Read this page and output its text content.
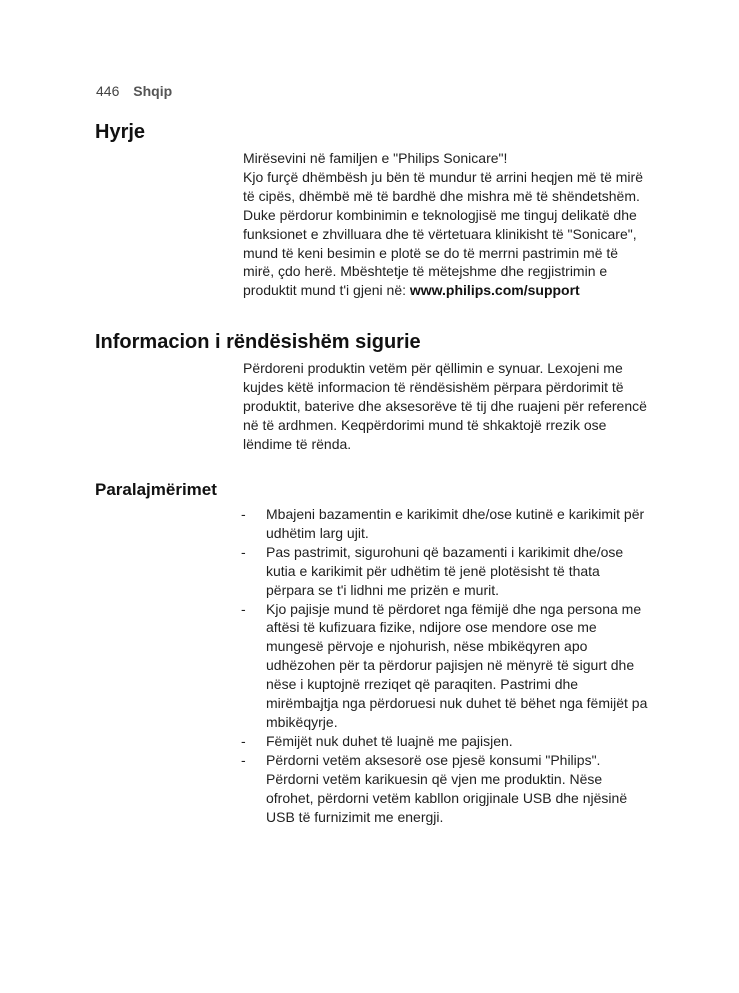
446 Shqip
Hyrje

Mirësevini në familjen e "Philips Sonicare"!

Kjo furçë dhëmbësh ju bën të mundur të arrini heqjen më të mirë të cipës, dhëmbë më të bardhë dhe mishra më të shëndetshëm. Duke përdorur kombinimin e teknologjisë me tinguj delikatë dhe funksionet e zhvilluara dhe të vërtetuara klinikisht të "Sonicare", mund të keni besimin e plotë se do të merrni pastrimin më të mirë, çdo herë. Mbështetje të mëtejshme dhe regjistrimin e produktit mund t'i gjeni në: www.philips.com/support

Informacion i rëndësishëm sigurie

Përdoreni produktin vetëm për qëllimin e synuar. Lexojeni me kujdes këtë informacion të rëndësishëm përpara përdorimit të produktit, baterive dhe aksesorëve të tij dhe ruajeni për referencë në të ardhmen. Keqpërdorimi mund të shkaktojë rrezik ose lëndime të rënda.

Paralajmërimet
- Mbajeni bazamentin e karikimit dhe/ose kutinë e karikimit për udhëtim larg ujit.
- Pas pastrimit, sigurohuni që bazamenti i karikimit dhe/ose kutia e karikimit për udhëtim të jenë plotësisht të thata përpara se t'i lidhni me prizën e murit.
- Kjo pajisje mund të përdoret nga fëmijë dhe nga persona me aftësi të kufizuara fizike, ndijore ose mendore ose me mungesë përvoje e njohurish, nëse mbikëqyren apo udhëzohen për ta përdorur pajisjen në mënyrë të sigurt dhe nëse i kuptojnë rreziqet që paraqiten. Pastrimi dhe mirëmbajtja nga përdoruesi nuk duhet të bëhet nga fëmijët pa mbikëqyrje.
- Fëmijët nuk duhet të luajnë me pajisjen.
- Përdorni vetëm aksesorë ose pjesë konsumi "Philips". Përdorni vetëm karikuesin që vjen me produktin. Nëse ofrohet, përdorni vetëm kabllon origjinale USB dhe njësinë USB të furnizimit me energji.
